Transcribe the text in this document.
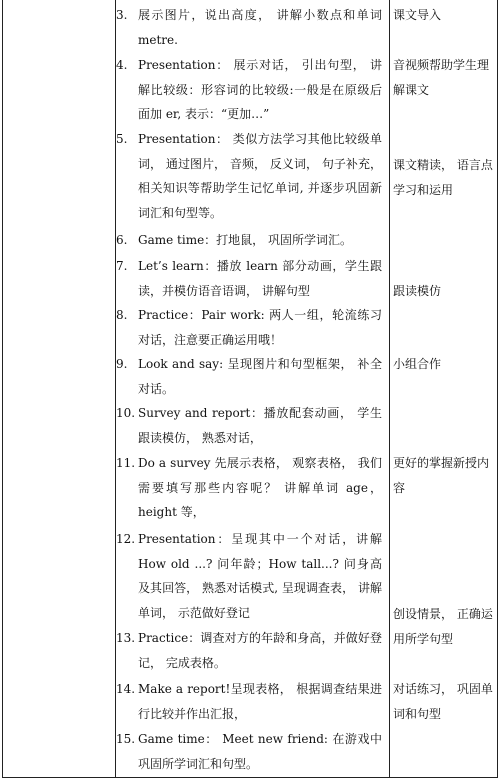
3. 展示图片，说出高度， 讲解小数点和单词 metre.
4. Presentation： 展示对话， 引出句型， 讲解比较级：形容词的比较级:一般是在原级后面加 er, 表示：“更加…”
5. Presentation： 类似方法学习其他比较级单词， 通过图片， 音频， 反义词， 句子补充， 相关知识等帮助学生记忆单词, 并逐步巩固新词汇和句型等。
6. Game time：打地鼠， 巩固所学词汇。
7. Let’s learn：播放 learn 部分动画，学生跟读，并模仿语音语调， 讲解句型
8. Practice：Pair work: 两人一组，轮流练习对话，注意要正确运用哦！
9. Look and say: 呈现图片和句型框架， 补全对话。
10. Survey and report：播放配套动画， 学生跟读模仿， 熟悉对话，
11. Do a survey 先展示表格， 观察表格， 我们需要填写那些内容呢？ 讲解单词 age，height 等，
12. Presentation：呈现其中一个对话，讲解 How old ...? 问年龄；How tall...? 问身高及其回答， 熟悉对话模式, 呈现调查表， 讲解单词， 示范做好登记
13. Practice：调查对方的年龄和身高，并做好登记， 完成表格。
14. Make a report!呈现表格， 根据调查结果进行比较并作出汇报，
15. Game time： Meet new friend: 在游戏中巩固所学词汇和句型。
课文导入
音视频帮助学生理解课文
课文精读， 语言点学习和运用
跟读模仿
小组合作
更好的掌握新授内容
创设情景， 正确运用所学句型
对话练习， 巩固单词和句型
